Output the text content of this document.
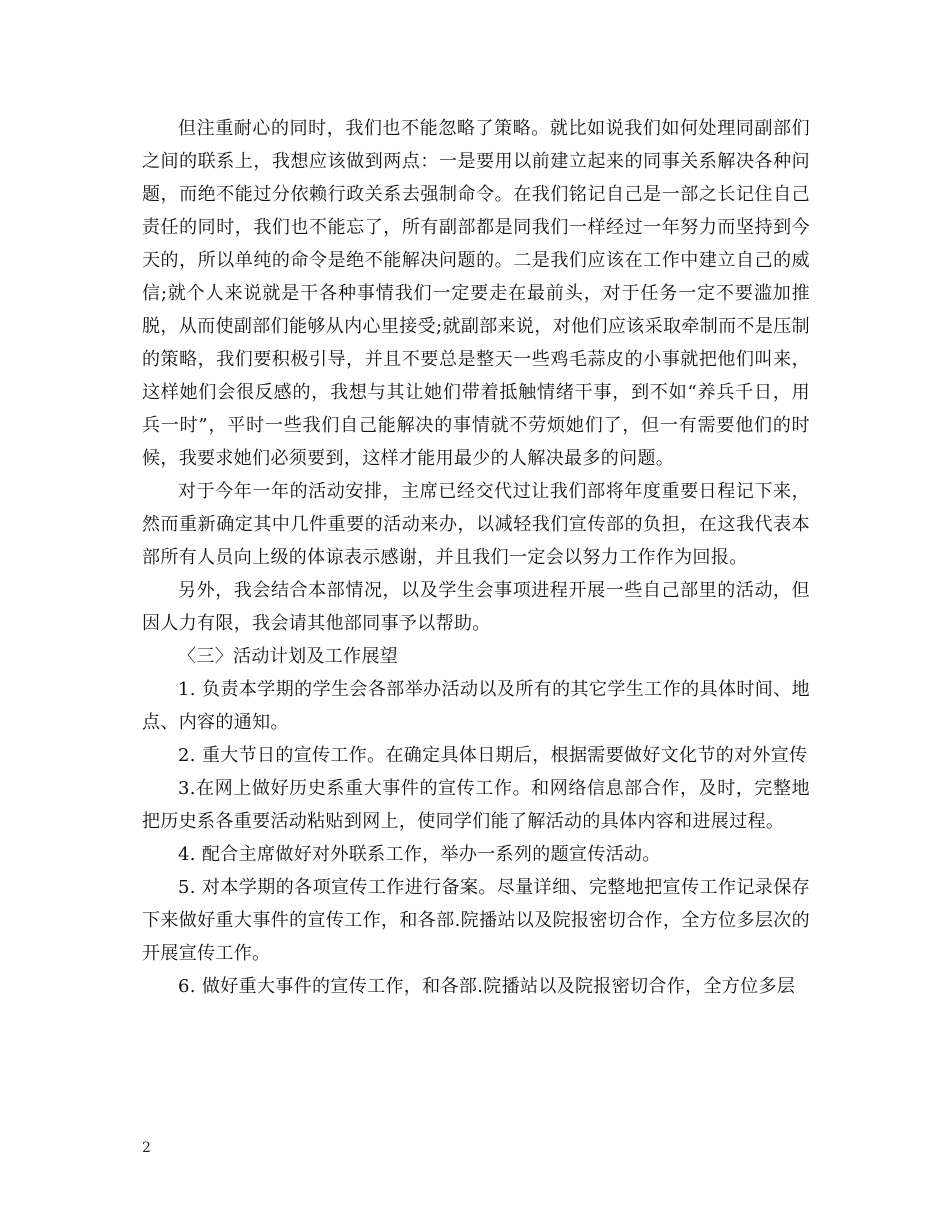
但注重耐心的同时，我们也不能忽略了策略。就比如说我们如何处理同副部们之间的联系上，我想应该做到两点：一是要用以前建立起来的同事关系解决各种问题，而绝不能过分依赖行政关系去强制命令。在我们铭记自己是一部之长记住自己责任的同时，我们也不能忘了，所有副部都是同我们一样经过一年努力而坚持到今天的，所以单纯的命令是绝不能解决问题的。二是我们应该在工作中建立自己的威信;就个人来说就是干各种事情我们一定要走在最前头，对于任务一定不要滥加推脱，从而使副部们能够从内心里接受;就副部来说，对他们应该采取牵制而不是压制的策略，我们要积极引导，并且不要总是整天一些鸡毛蒜皮的小事就把他们叫来，这样她们会很反感的，我想与其让她们带着抵触情绪干事，到不如“养兵千日，用兵一时”，平时一些我们自己能解决的事情就不劳烦她们了，但一有需要他们的时候，我要求她们必须要到，这样才能用最少的人解决最多的问题。

对于今年一年的活动安排，主席已经交代过让我们部将年度重要日程记下来，然而重新确定其中几件重要的活动来办，以减轻我们宣传部的负担，在这我代表本部所有人员向上级的体谅表示感谢，并且我们一定会以努力工作作为回报。

另外，我会结合本部情况，以及学生会事项进程开展一些自己部里的活动，但因人力有限，我会请其他部同事予以帮助。

〈三〉活动计划及工作展望

1. 负责本学期的学生会各部举办活动以及所有的其它学生工作的具体时间、地点、内容的通知。

2. 重大节日的宣传工作。在确定具体日期后，根据需要做好文化节的对外宣传

3.在网上做好历史系重大事件的宣传工作。和网络信息部合作，及时，完整地把历史系各重要活动粘贴到网上，使同学们能了解活动的具体内容和进展过程。

4. 配合主席做好对外联系工作，举办一系列的题宣传活动。

5. 对本学期的各项宣传工作进行备案。尽量详细、完整地把宣传工作记录保存下来做好重大事件的宣传工作，和各部.院播站以及院报密切合作，全方位多层次的开展宣传工作。

6. 做好重大事件的宣传工作，和各部.院播站以及院报密切合作，全方位多层

2
